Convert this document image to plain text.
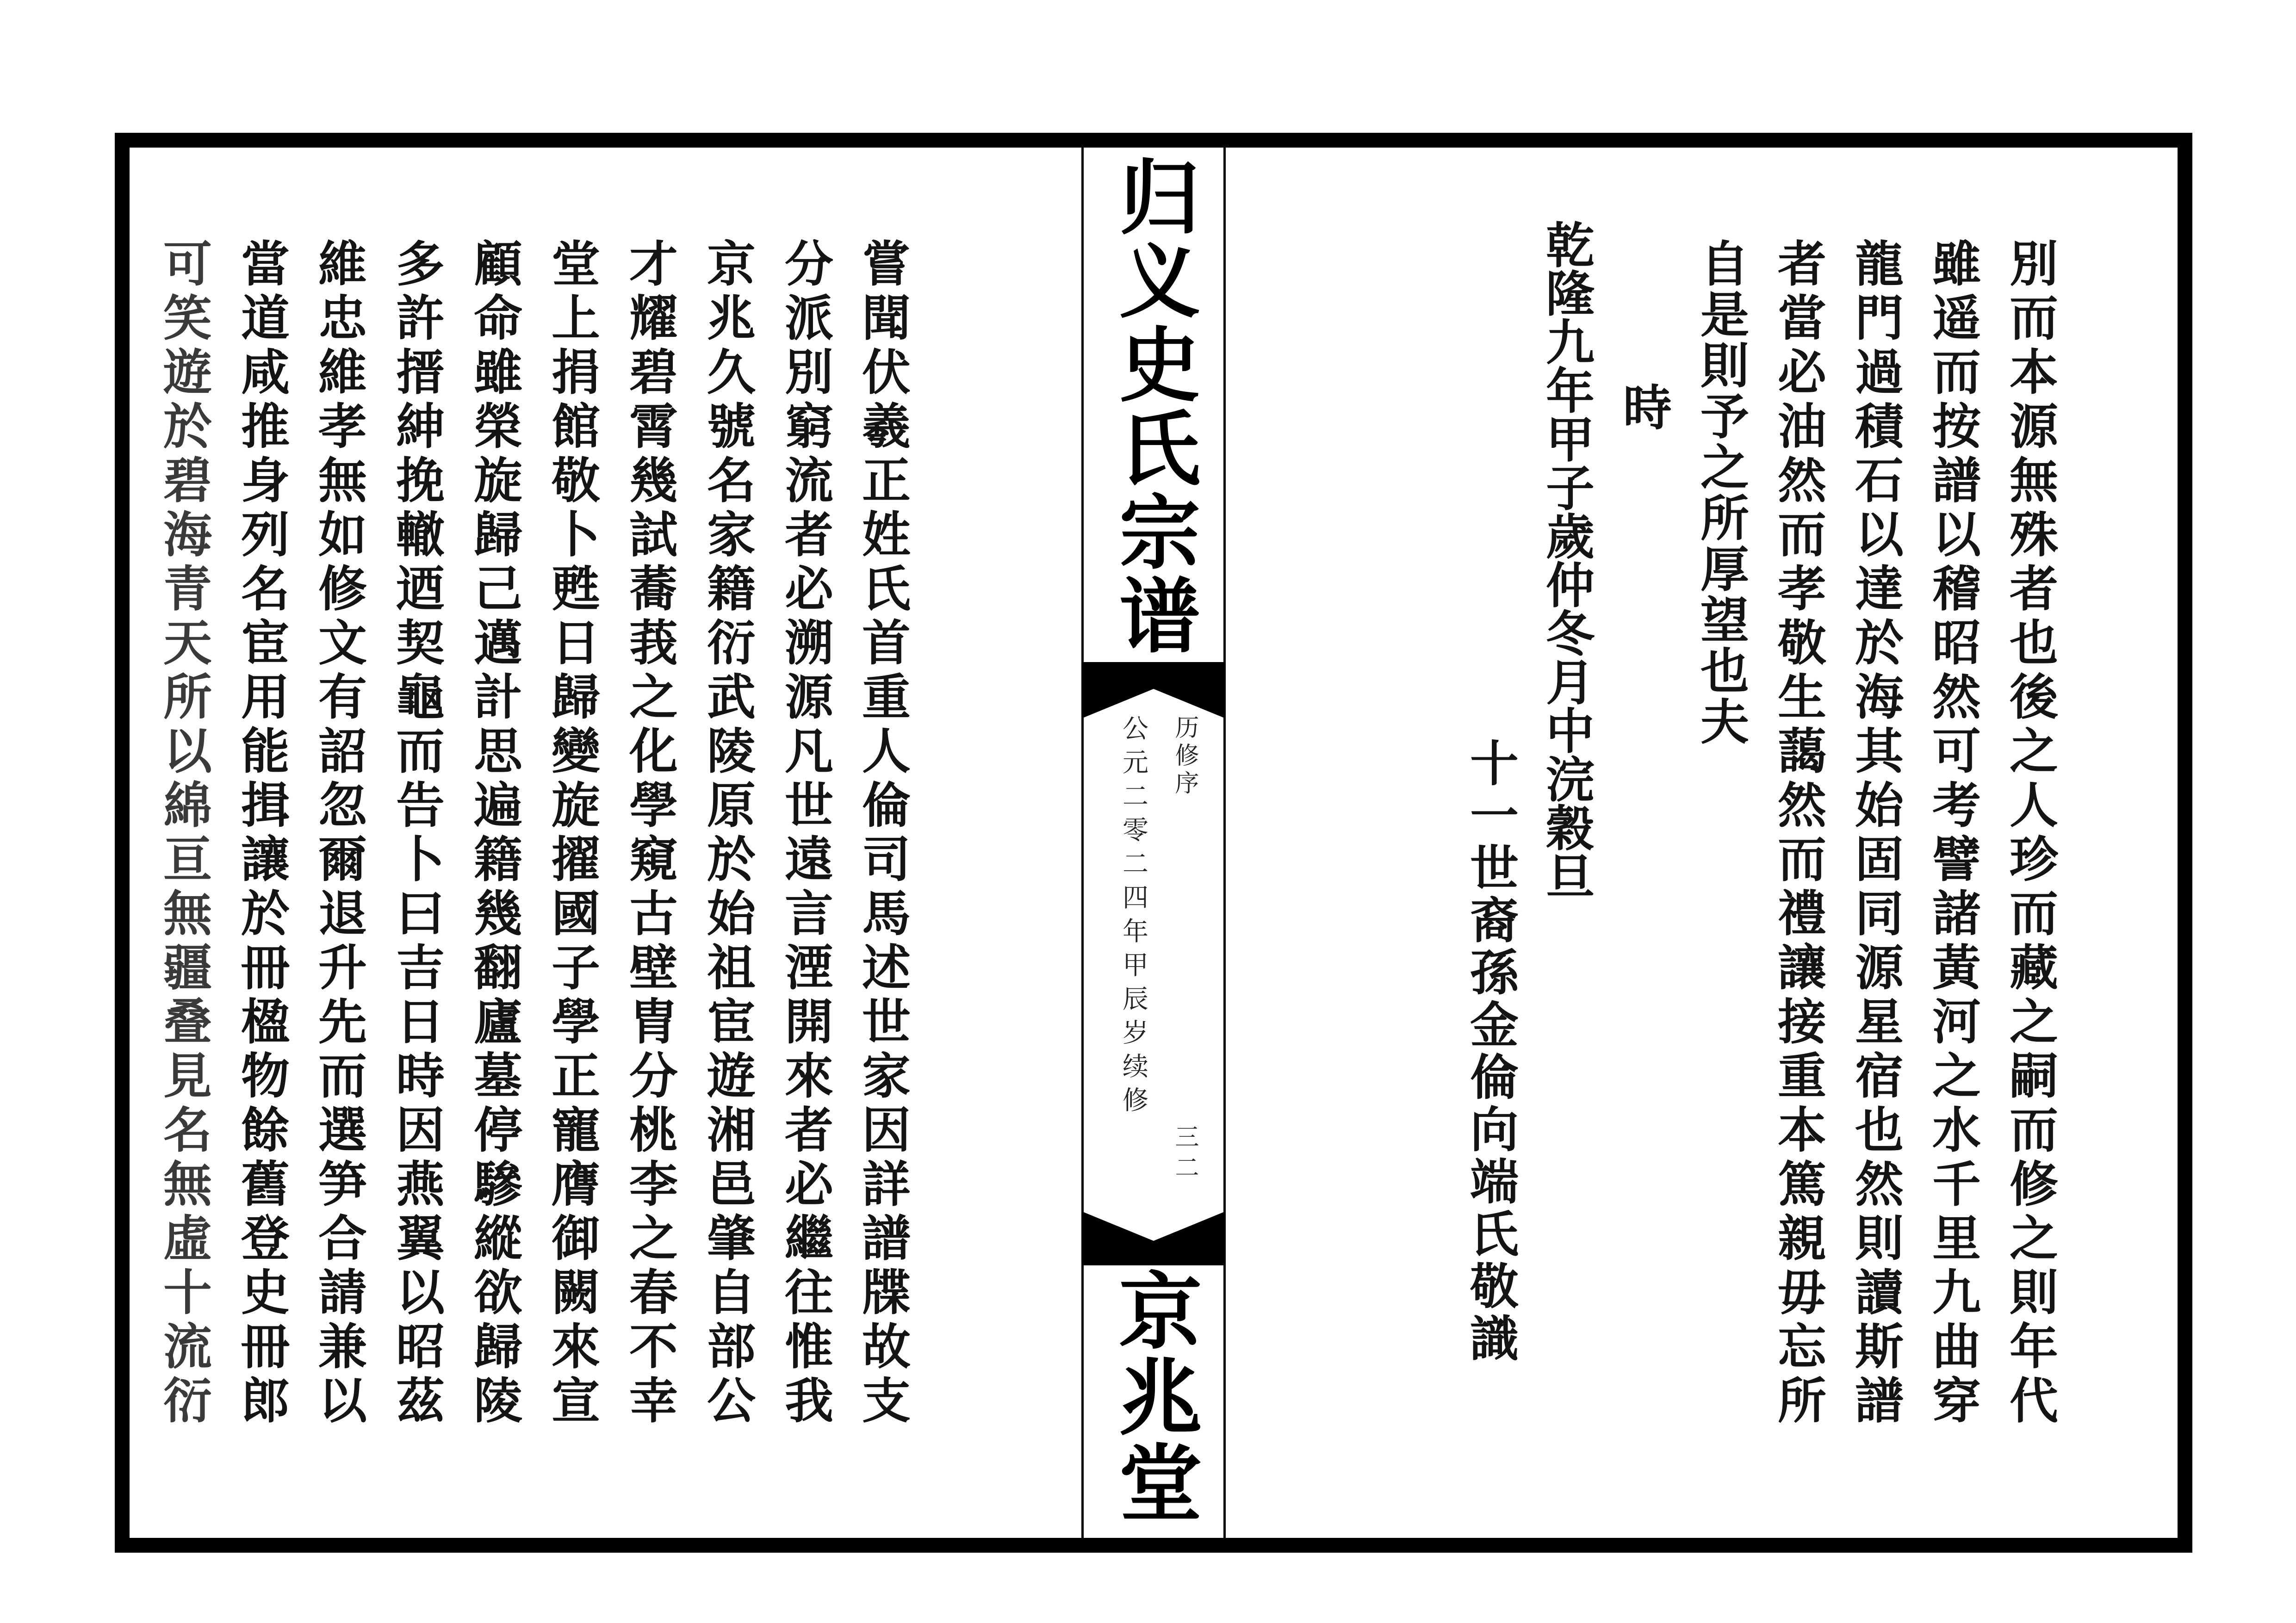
归义史氏宗谱
历修序
公元二零二四年甲辰岁续修
三二
京兆堂
嘗聞伏羲正姓氏首重人倫司馬述世家因詳譜牒故支
分派別窮流者必溯源凡世遠言湮開來者必繼往惟我
京兆久號名家籍衍武陵原於始祖宦遊湘邑肇自部公
才耀碧霄幾試蕎莪之化學窺古壁胄分桃李之春不幸
堂上捐館敬卜甦日歸變旋擢國子學正寵膺御闕來宣
顧命雖榮旋歸己邁計思遍籍幾翻廬墓停驂縱欲歸陵
多許搢紳挽轍迺契龜而告卜曰吉日時因燕翼以昭茲
維忠維孝無如修文有詔忽爾退升先而選笋合請兼以
當道咸推身列名宦用能揖讓於冊楹物餘舊登史冊郎
可笑遊於碧海青天所以綿亘無疆叠見名無虛十流衍	別而本源無殊者也後之人珍而藏之嗣而修之則年代
雖遥而按譜以稽昭然可考譬諸黃河之水千里九曲穿
龍門過積石以達於海其始固同源星宿也然則讀斯譜
者當必油然而孝敬生藹然而禮讓接重本篤親毋忘所
自是則予之所厚望也夫
時
乾隆九年甲子歲仲冬月中浣穀旦
十一世裔孫金倫向端氏敬識
